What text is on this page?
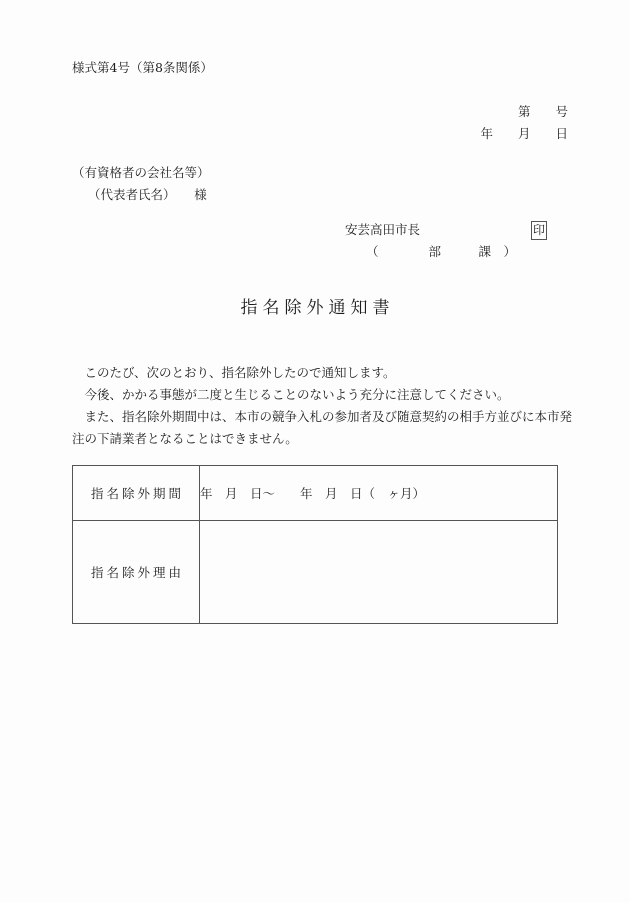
様式第4号（第8条関係）
第　　号
年　　月　　日
（有資格者の会社名等）
（代表者氏名）　　様
安芸高田市長	印
（　　　　部　　　課　）
指名除外通知書

このたび、次のとおり、指名除外したので通知します。

今後、かかる事態が二度と生じることのないよう充分に注意してください。

また、指名除外期間中は、本市の競争入札の参加者及び随意契約の相手方並びに本市発注の下請業者となることはできません。

指名除外期間	年　月　日〜　　年　月　日（　ヶ月）
指名除外理由	
